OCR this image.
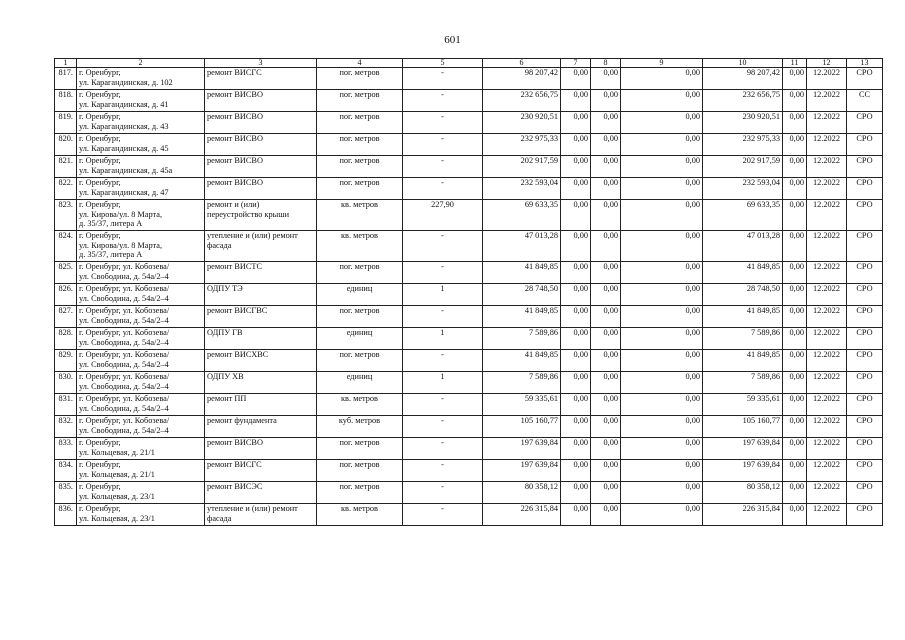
601
1	2	3	4	5	6	7	8	9	10	11	12	13
817.	г. Оренбург,
ул. Карагандинская, д. 102	ремонт ВИСГС	пог. метров	-	98 207,42	0,00	0,00	0,00	98 207,42	0,00	12.2022	СРО
818.	г. Оренбург,
ул. Карагандинская, д. 41	ремонт ВИСВО	пог. метров	-	232 656,75	0,00	0,00	0,00	232 656,75	0,00	12.2022	СС
819.	г. Оренбург,
ул. Карагандинская, д. 43	ремонт ВИСВО	пог. метров	-	230 920,51	0,00	0,00	0,00	230 920,51	0,00	12.2022	СРО
820.	г. Оренбург,
ул. Карагандинская, д. 45	ремонт ВИСВО	пог. метров	-	232 975,33	0,00	0,00	0,00	232 975,33	0,00	12.2022	СРО
821.	г. Оренбург,
ул. Карагандинская, д. 45а	ремонт ВИСВО	пог. метров	-	202 917,59	0,00	0,00	0,00	202 917,59	0,00	12.2022	СРО
822.	г. Оренбург,
ул. Карагандинская, д. 47	ремонт ВИСВО	пог. метров	-	232 593,04	0,00	0,00	0,00	232 593,04	0,00	12.2022	СРО
823.	г. Оренбург,
ул. Кирова/ул. 8 Марта,
д. 35/37, литера А	ремонт и (или) переустройство крыши	кв. метров	227,90	69 633,35	0,00	0,00	0,00	69 633,35	0,00	12.2022	СРО
824.	г. Оренбург,
ул. Кирова/ул. 8 Марта,
д. 35/37, литера А	утепление и (или) ремонт фасада	кв. метров	-	47 013,28	0,00	0,00	0,00	47 013,28	0,00	12.2022	СРО
825.	г. Оренбург, ул. Кобозева/
ул. Свободина, д. 54а/2–4	ремонт ВИСТС	пог. метров	-	41 849,85	0,00	0,00	0,00	41 849,85	0,00	12.2022	СРО
826.	г. Оренбург, ул. Кобозева/
ул. Свободина, д. 54а/2–4	ОДПУ ТЭ	единиц	1	28 748,50	0,00	0,00	0,00	28 748,50	0,00	12.2022	СРО
827.	г. Оренбург, ул. Кобозева/
ул. Свободина, д. 54а/2–4	ремонт ВИСГВС	пог. метров	-	41 849,85	0,00	0,00	0,00	41 849,85	0,00	12.2022	СРО
828.	г. Оренбург, ул. Кобозева/
ул. Свободина, д. 54а/2–4	ОДПУ ГВ	единиц	1	7 589,86	0,00	0,00	0,00	7 589,86	0,00	12.2022	СРО
829.	г. Оренбург, ул. Кобозева/
ул. Свободина, д. 54а/2–4	ремонт ВИСХВС	пог. метров	-	41 849,85	0,00	0,00	0,00	41 849,85	0,00	12.2022	СРО
830.	г. Оренбург, ул. Кобозева/
ул. Свободина, д. 54а/2–4	ОДПУ ХВ	единиц	1	7 589,86	0,00	0,00	0,00	7 589,86	0,00	12.2022	СРО
831.	г. Оренбург, ул. Кобозева/
ул. Свободина, д. 54а/2–4	ремонт ПП	кв. метров	-	59 335,61	0,00	0,00	0,00	59 335,61	0,00	12.2022	СРО
832.	г. Оренбург, ул. Кобозева/
ул. Свободина, д. 54а/2–4	ремонт фундамента	куб. метров	-	105 160,77	0,00	0,00	0,00	105 160,77	0,00	12.2022	СРО
833.	г. Оренбург,
ул. Кольцевая, д. 21/1	ремонт ВИСВО	пог. метров	-	197 639,84	0,00	0,00	0,00	197 639,84	0,00	12.2022	СРО
834.	г. Оренбург,
ул. Кольцевая, д. 21/1	ремонт ВИСГС	пог. метров	-	197 639,84	0,00	0,00	0,00	197 639,84	0,00	12.2022	СРО
835.	г. Оренбург,
ул. Кольцевая, д. 23/1	ремонт ВИСЭС	пог. метров	-	80 358,12	0,00	0,00	0,00	80 358,12	0,00	12.2022	СРО
836.	г. Оренбург,
ул. Кольцевая, д. 23/1	утепление и (или) ремонт фасада	кв. метров	-	226 315,84	0,00	0,00	0,00	226 315,84	0,00	12.2022	СРО
